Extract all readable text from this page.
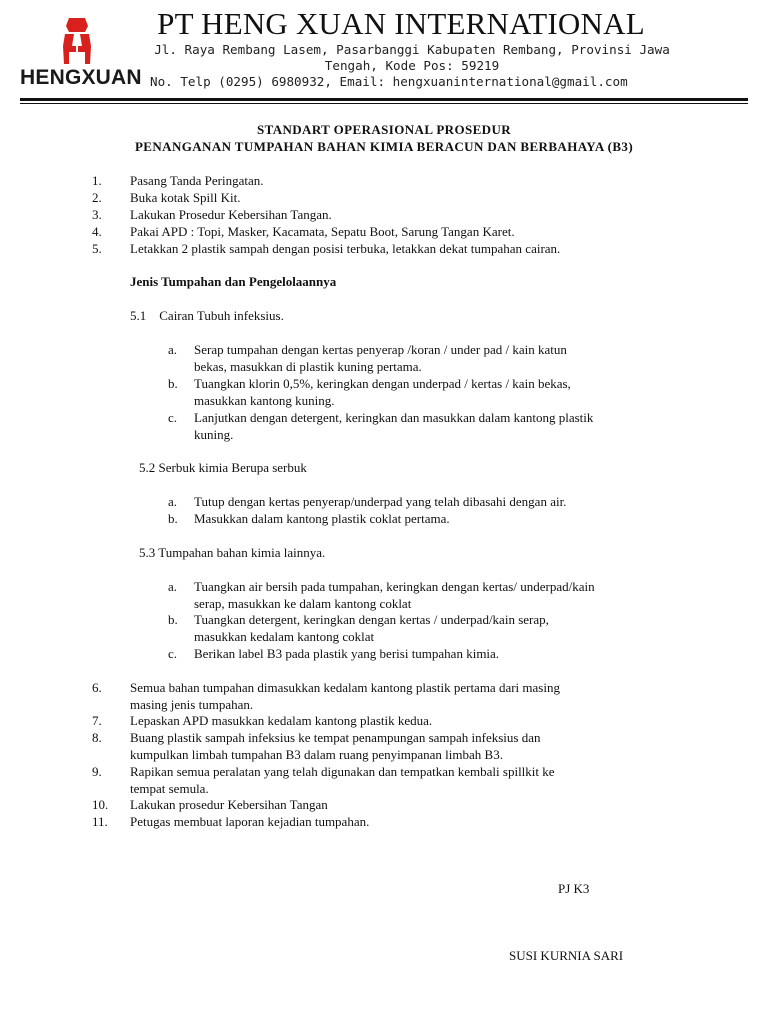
HENGXUAN
PT HENG XUAN INTERNATIONAL
Jl. Raya Rembang Lasem, Pasarbanggi Kabupaten Rembang, Provinsi Jawa
Tengah, Kode Pos: 59219
No. Telp (0295) 6980932, Email: hengxuaninternational@gmail.com
STANDART OPERASIONAL PROSEDUR
PENANGANAN TUMPAHAN BAHAN KIMIA BERACUN DAN BERBAHAYA (B3)
1.	Pasang Tanda Peringatan.
2.	Buka kotak Spill Kit.
3.	Lakukan Prosedur Kebersihan Tangan.
4.	Pakai APD : Topi, Masker, Kacamata, Sepatu Boot, Sarung Tangan Karet.
5.	Letakkan 2 plastik sampah dengan posisi terbuka, letakkan dekat tumpahan cairan.
Jenis Tumpahan dan Pengelolaannya
5.1    Cairan Tubuh infeksius.
a. Serap tumpahan dengan kertas penyerap /koran / under pad / kain katun
bekas, masukkan di plastik kuning pertama.
b. Tuangkan klorin 0,5%, keringkan dengan underpad / kertas / kain bekas,
masukkan kantong kuning.
c. Lanjutkan dengan detergent, keringkan dan masukkan dalam kantong plastik
kuning.
5.2 Serbuk kimia Berupa serbuk
a. Tutup dengan kertas penyerap/underpad yang telah dibasahi dengan air.
b. Masukkan dalam kantong plastik coklat pertama.
5.3 Tumpahan bahan kimia lainnya.
a. Tuangkan air bersih pada tumpahan, keringkan dengan kertas/ underpad/kain
serap, masukkan ke dalam kantong coklat
b. Tuangkan detergent, keringkan dengan kertas / underpad/kain serap,
masukkan kedalam kantong coklat
c. Berikan label B3 pada plastik yang berisi tumpahan kimia.
6.	Semua bahan tumpahan dimasukkan kedalam kantong plastik pertama dari masing
masing jenis tumpahan.
7.	Lepaskan APD masukkan kedalam kantong plastik kedua.
8.	Buang plastik sampah infeksius ke tempat penampungan sampah infeksius dan
kumpulkan limbah tumpahan B3 dalam ruang penyimpanan limbah B3.
9.	Rapikan semua peralatan yang telah digunakan dan tempatkan kembali spillkit ke
tempat semula.
10.	Lakukan prosedur Kebersihan Tangan
11.	Petugas membuat laporan kejadian tumpahan.
PJ K3
SUSI KURNIA SARI
